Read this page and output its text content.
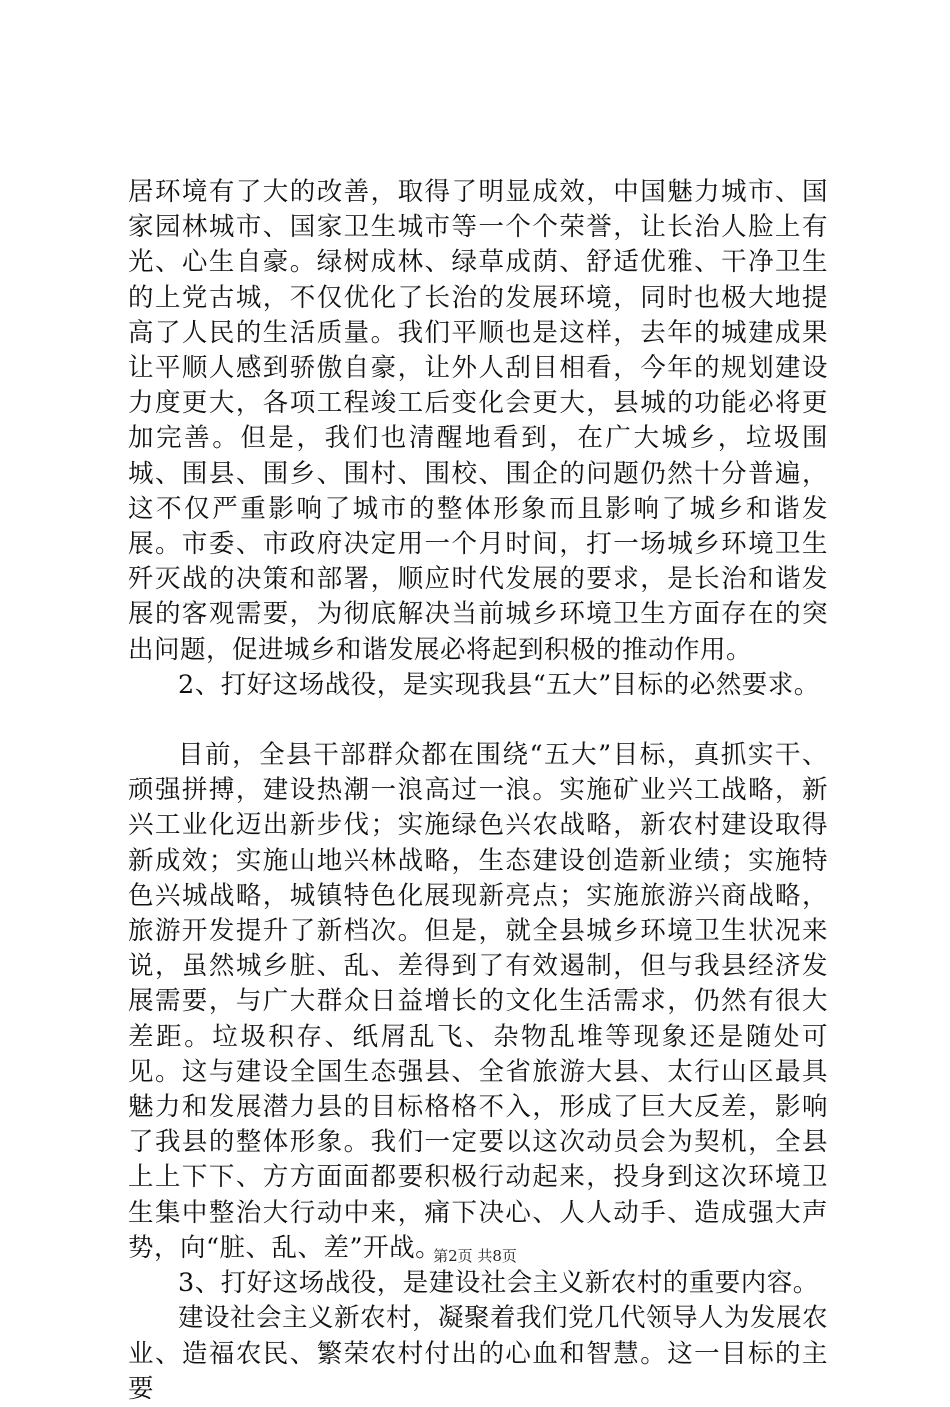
居环境有了大的改善，取得了明显成效，中国魅力城市、国家园林城市、国家卫生城市等一个个荣誉，让长治人脸上有光、心生自豪。绿树成林、绿草成荫、舒适优雅、干净卫生的上党古城，不仅优化了长治的发展环境，同时也极大地提高了人民的生活质量。我们平顺也是这样，去年的城建成果让平顺人感到骄傲自豪，让外人刮目相看，今年的规划建设力度更大，各项工程竣工后变化会更大，县城的功能必将更加完善。但是，我们也清醒地看到，在广大城乡，垃圾围城、围县、围乡、围村、围校、围企的问题仍然十分普遍，这不仅严重影响了城市的整体形象而且影响了城乡和谐发展。市委、市政府决定用一个月时间，打一场城乡环境卫生歼灭战的决策和部署，顺应时代发展的要求，是长治和谐发展的客观需要，为彻底解决当前城乡环境卫生方面存在的突出问题，促进城乡和谐发展必将起到积极的推动作用。

2、打好这场战役，是实现我县“五大”目标的必然要求。

目前，全县干部群众都在围绕“五大”目标，真抓实干、顽强拼搏，建设热潮一浪高过一浪。实施矿业兴工战略，新兴工业化迈出新步伐；实施绿色兴农战略，新农村建设取得新成效；实施山地兴林战略，生态建设创造新业绩；实施特色兴城战略，城镇特色化展现新亮点；实施旅游兴商战略，旅游开发提升了新档次。但是，就全县城乡环境卫生状况来说，虽然城乡脏、乱、差得到了有效遏制，但与我县经济发展需要，与广大群众日益增长的文化生活需求，仍然有很大差距。垃圾积存、纸屑乱飞、杂物乱堆等现象还是随处可见。这与建设全国生态强县、全省旅游大县、太行山区最具魅力和发展潜力县的目标格格不入，形成了巨大反差，影响了我县的整体形象。我们一定要以这次动员会为契机，全县上上下下、方方面面都要积极行动起来，投身到这次环境卫生集中整治大行动中来，痛下决心、人人动手、造成强大声势，向“脏、乱、差”开战。

3、打好这场战役，是建设社会主义新农村的重要内容。

建设社会主义新农村，凝聚着我们党几代领导人为发展农业、造福农民、繁荣农村付出的心血和智慧。这一目标的主要

第2页 共8页
